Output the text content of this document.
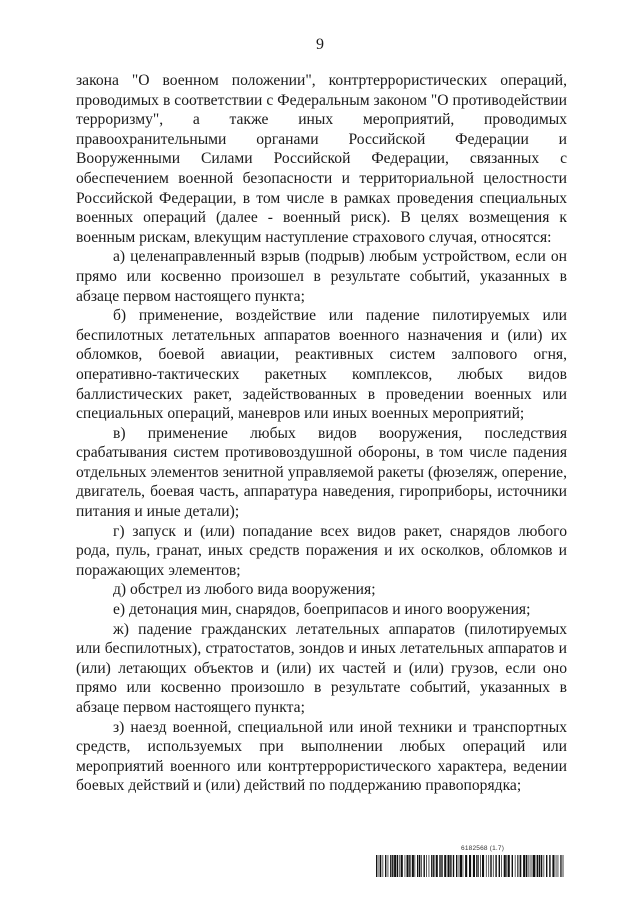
9

закона "О военном положении", контртеррористических операций, проводимых в соответствии с Федеральным законом "О противодействии терроризму", а также иных мероприятий, проводимых правоохранительными органами Российской Федерации и Вооруженными Силами Российской Федерации, связанных с обеспечением военной безопасности и территориальной целостности Российской Федерации, в том числе в рамках проведения специальных военных операций (далее - военный риск). В целях возмещения к военным рискам, влекущим наступление страхового случая, относятся:

а) целенаправленный взрыв (подрыв) любым устройством, если он прямо или косвенно произошел в результате событий, указанных в абзаце первом настоящего пункта;

б) применение, воздействие или падение пилотируемых или беспилотных летательных аппаратов военного назначения и (или) их обломков, боевой авиации, реактивных систем залпового огня, оперативно-тактических ракетных комплексов, любых видов баллистических ракет, задействованных в проведении военных или специальных операций, маневров или иных военных мероприятий;

в) применение любых видов вооружения, последствия срабатывания систем противовоздушной обороны, в том числе падения отдельных элементов зенитной управляемой ракеты (фюзеляж, оперение, двигатель, боевая часть, аппаратура наведения, гироприборы, источники питания и иные детали);

г) запуск и (или) попадание всех видов ракет, снарядов любого рода, пуль, гранат, иных средств поражения и их осколков, обломков и поражающих элементов;

д) обстрел из любого вида вооружения;

е) детонация мин, снарядов, боеприпасов и иного вооружения;

ж) падение гражданских летательных аппаратов (пилотируемых или беспилотных), стратостатов, зондов и иных летательных аппаратов и (или) летающих объектов и (или) их частей и (или) грузов, если оно прямо или косвенно произошло в результате событий, указанных в абзаце первом настоящего пункта;

з) наезд военной, специальной или иной техники и транспортных средств, используемых при выполнении любых операций или мероприятий военного или контртеррористического характера, ведении боевых действий и (или) действий по поддержанию правопорядка;

6182568 (1.7)
